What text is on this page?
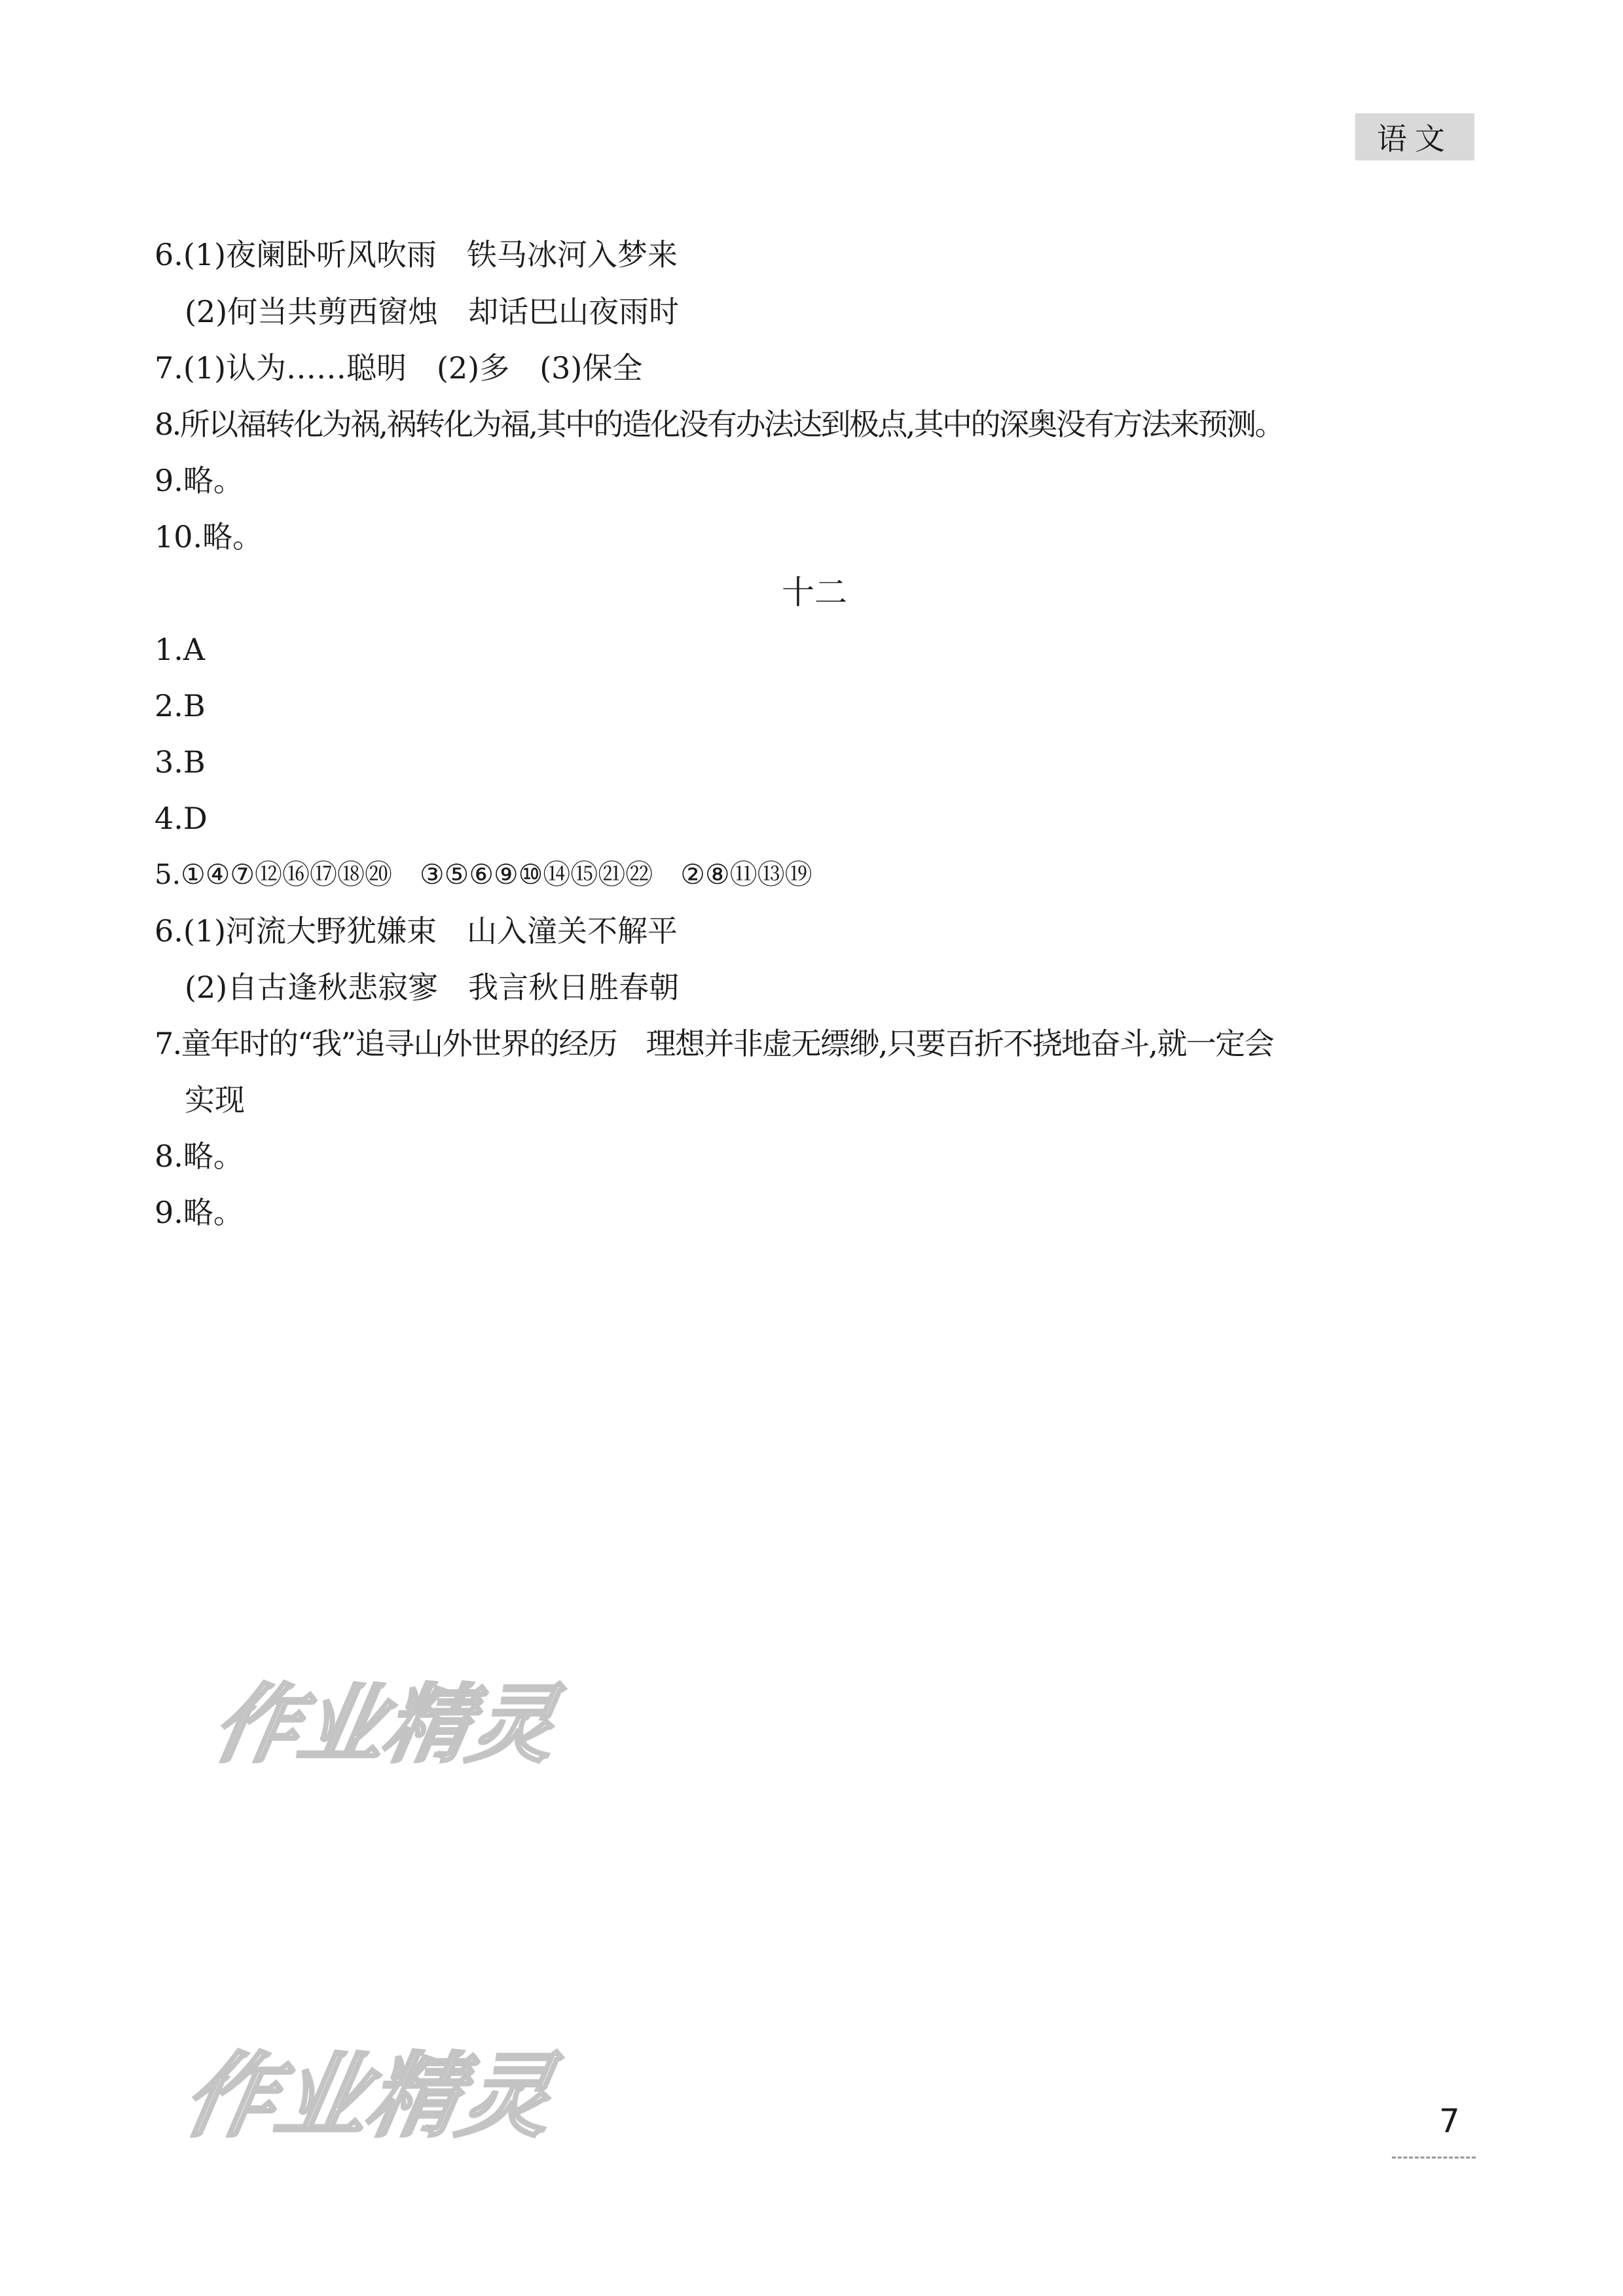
语文
6.(1)夜阑卧听风吹雨　铁马冰河入梦来
　(2)何当共剪西窗烛　却话巴山夜雨时
7.(1)认为……聪明　(2)多　(3)保全
8.所以福转化为祸,祸转化为福,其中的造化没有办法达到极点,其中的深奥没有方法来预测。
9.略。
10.略。
十二
1.A
2.B
3.B
4.D
5.①④⑦⑫⑯⑰⑱⑳　③⑤⑥⑨⑩⑭⑮㉑㉒　②⑧⑪⑬⑲
6.(1)河流大野犹嫌束　山入潼关不解平
　(2)自古逢秋悲寂寥　我言秋日胜春朝
7.童年时的“我”追寻山外世界的经历　理想并非虚无缥缈,只要百折不挠地奋斗,就一定会
　实现
8.略。
9.略。
作业精灵
作业精灵	7
